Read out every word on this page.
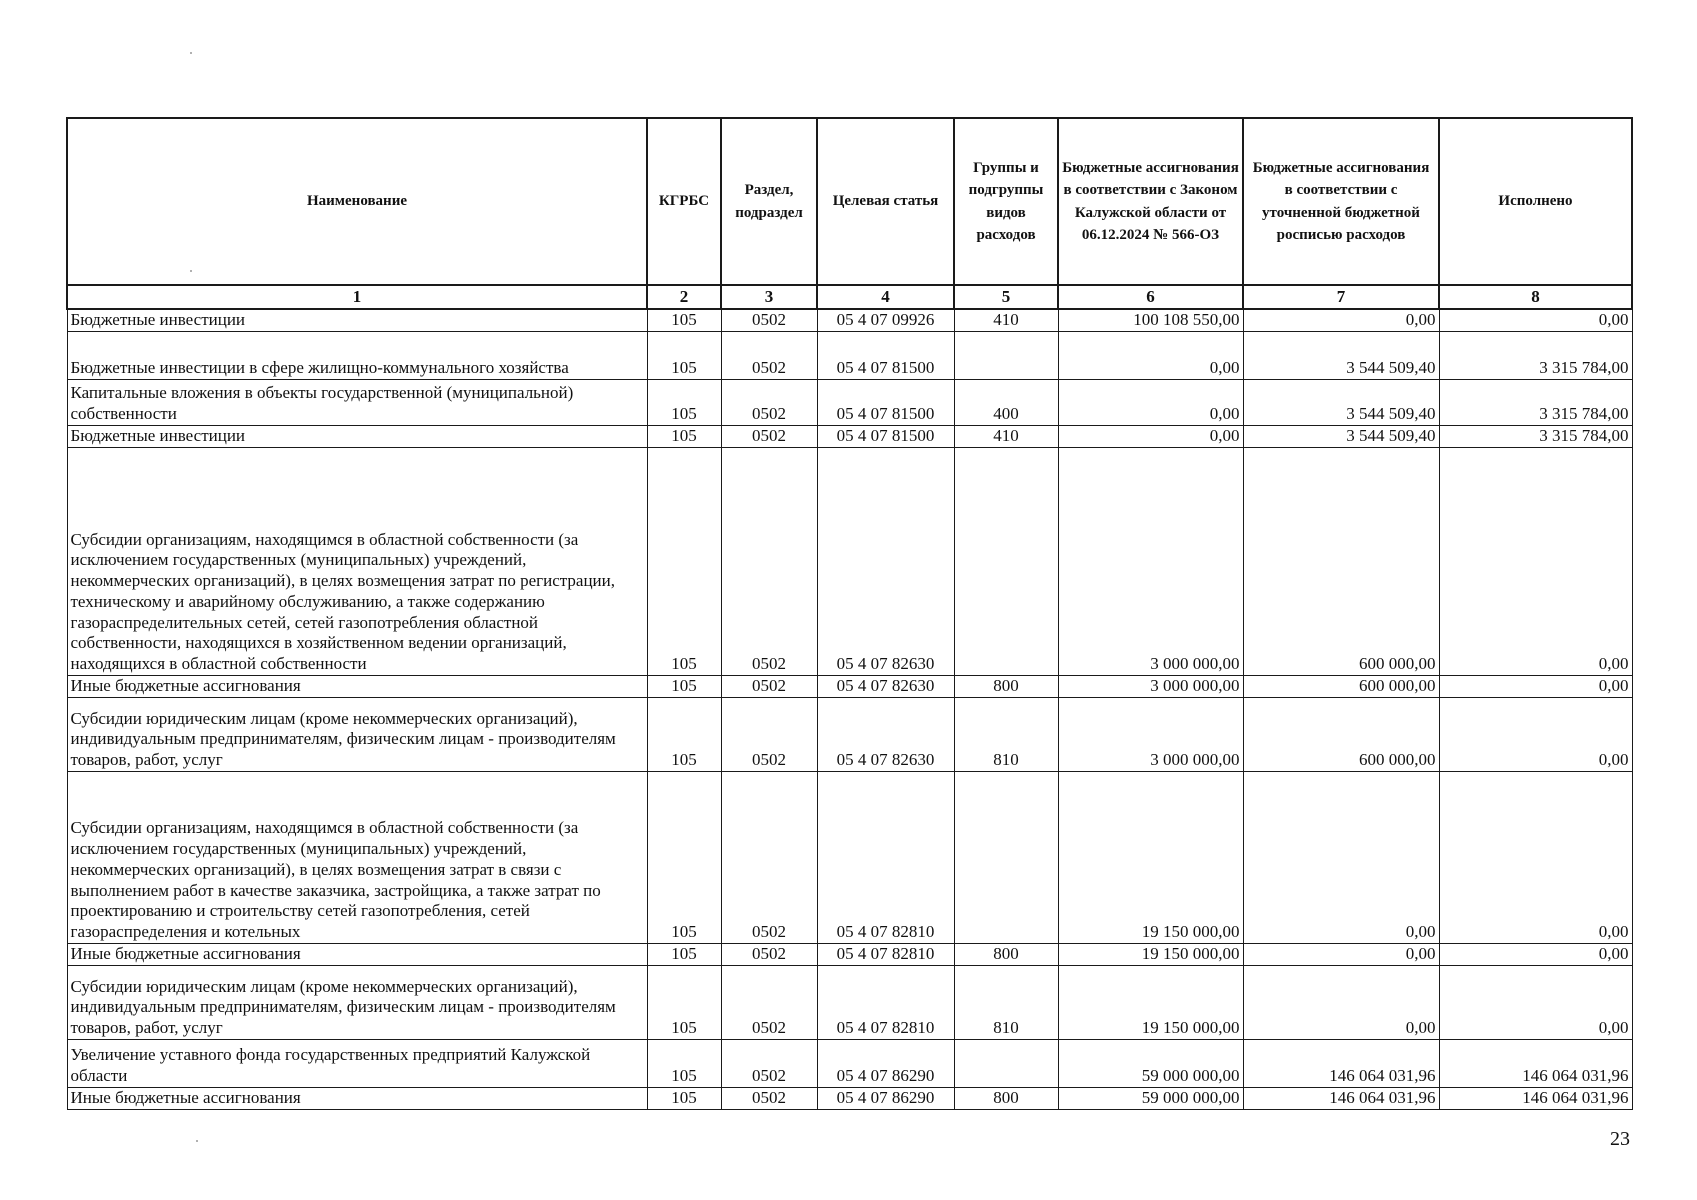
Наименование	КГРБС	Раздел, подраздел	Целевая статья	Группы и подгруппы видов расходов	Бюджетные ассигнования в соответствии с Законом Калужской области от 06.12.2024 № 566-ОЗ	Бюджетные ассигнования в соответствии с уточненной бюджетной росписью расходов	Исполнено
1	2	3	4	5	6	7	8
Бюджетные инвестиции	105	0502	05 4 07 09926	410	100 108 550,00	0,00	0,00
Бюджетные инвестиции в сфере жилищно-коммунального хозяйства	105	0502	05 4 07 81500		0,00	3 544 509,40	3 315 784,00
Капитальные вложения в объекты государственной (муниципальной) собственности	105	0502	05 4 07 81500	400	0,00	3 544 509,40	3 315 784,00
Бюджетные инвестиции	105	0502	05 4 07 81500	410	0,00	3 544 509,40	3 315 784,00
Субсидии организациям, находящимся в областной собственности (за исключением государственных (муниципальных) учреждений, некоммерческих организаций), в целях возмещения затрат по регистрации, техническому и аварийному обслуживанию, а также содержанию газораспределительных сетей, сетей газопотребления областной собственности, находящихся в хозяйственном ведении организаций, находящихся в областной собственности	105	0502	05 4 07 82630		3 000 000,00	600 000,00	0,00
Иные бюджетные ассигнования	105	0502	05 4 07 82630	800	3 000 000,00	600 000,00	0,00
Субсидии юридическим лицам (кроме некоммерческих организаций), индивидуальным предпринимателям, физическим лицам - производителям товаров, работ, услуг	105	0502	05 4 07 82630	810	3 000 000,00	600 000,00	0,00
Субсидии организациям, находящимся в областной собственности (за исключением государственных (муниципальных) учреждений, некоммерческих организаций), в целях возмещения затрат в связи с выполнением работ в качестве заказчика, застройщика, а также затрат по проектированию и строительству сетей газопотребления, сетей газораспределения и котельных	105	0502	05 4 07 82810		19 150 000,00	0,00	0,00
Иные бюджетные ассигнования	105	0502	05 4 07 82810	800	19 150 000,00	0,00	0,00
Субсидии юридическим лицам (кроме некоммерческих организаций), индивидуальным предпринимателям, физическим лицам - производителям товаров, работ, услуг	105	0502	05 4 07 82810	810	19 150 000,00	0,00	0,00
Увеличение уставного фонда государственных предприятий Калужской области	105	0502	05 4 07 86290		59 000 000,00	146 064 031,96	146 064 031,96
Иные бюджетные ассигнования	105	0502	05 4 07 86290	800	59 000 000,00	146 064 031,96	146 064 031,96
23
